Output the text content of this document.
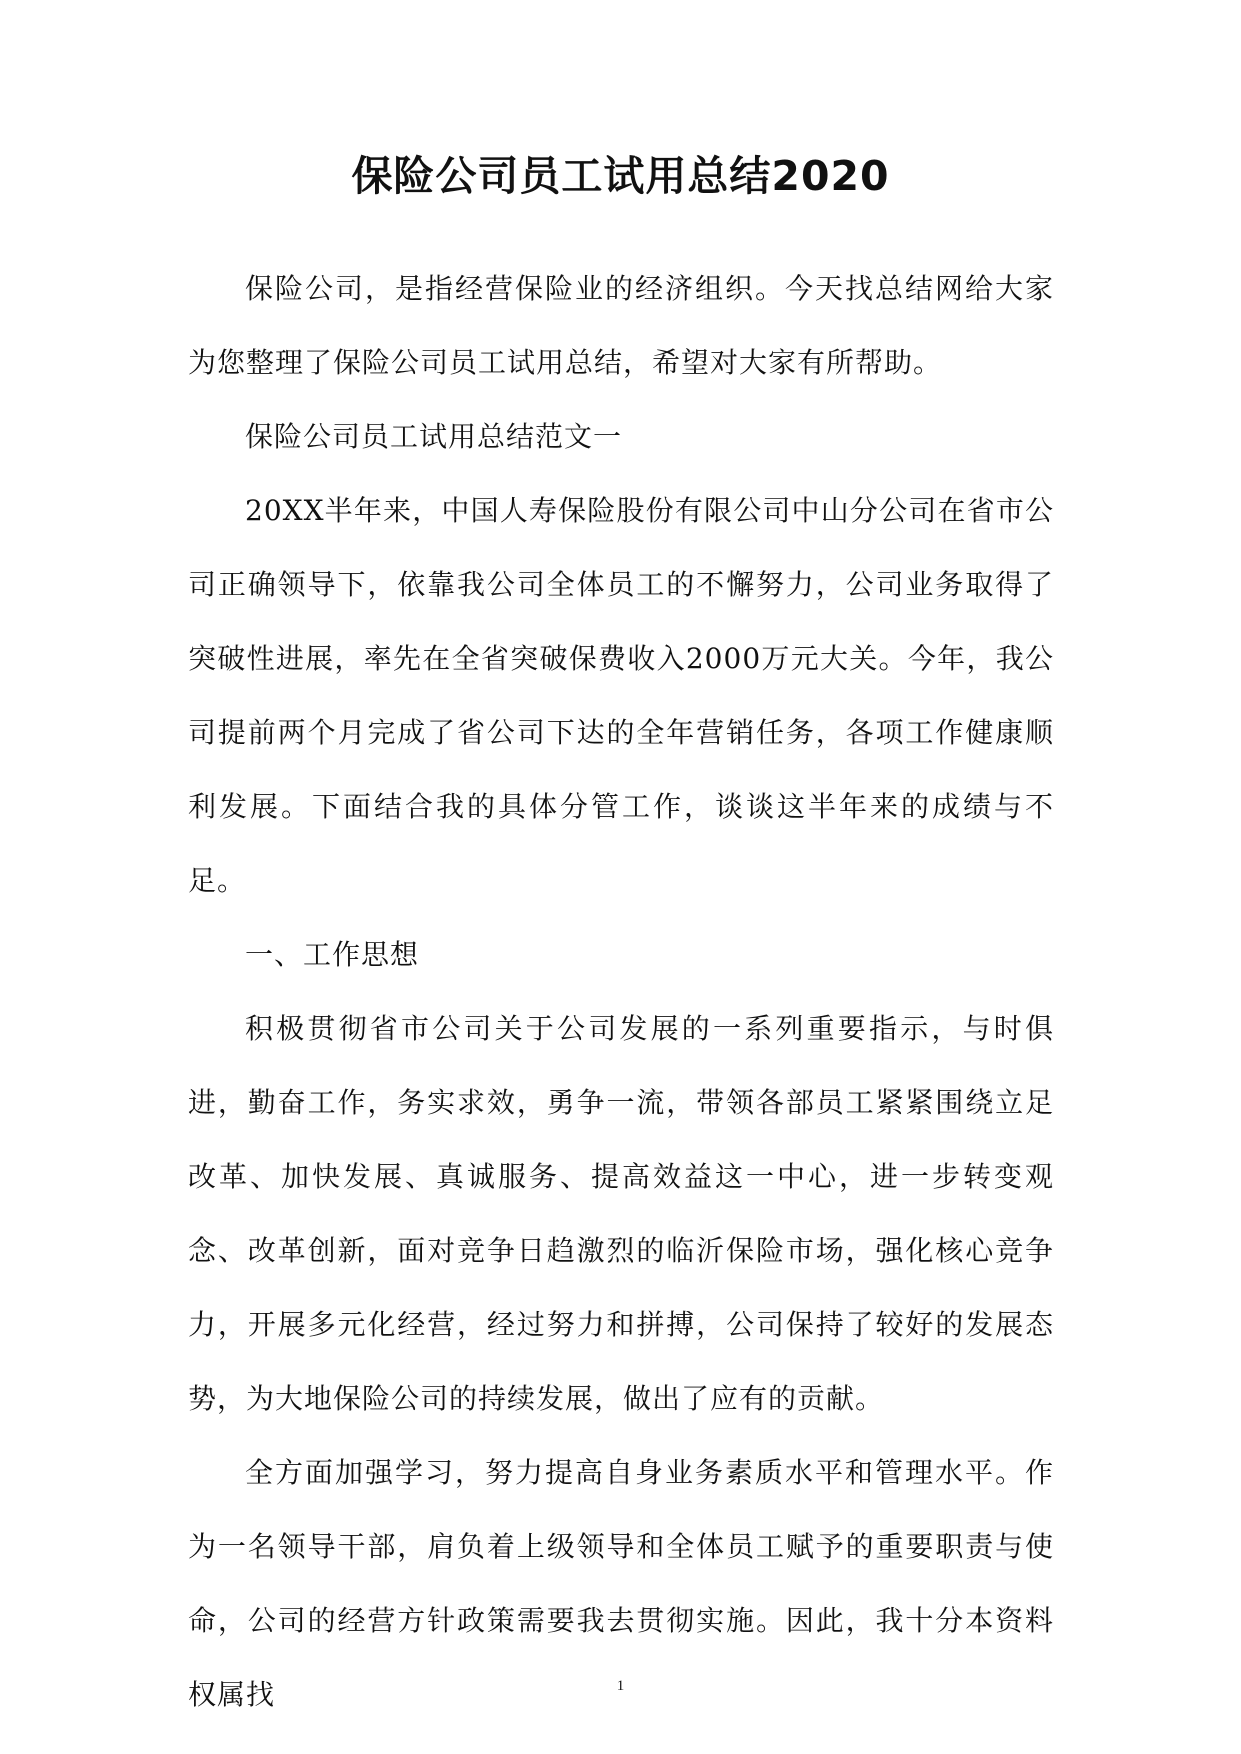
保险公司员工试用总结2020

保险公司，是指经营保险业的经济组织。今天找总结网给大家为您整理了保险公司员工试用总结，希望对大家有所帮助。

保险公司员工试用总结范文一

20XX半年来，中国人寿保险股份有限公司中山分公司在省市公司正确领导下，依靠我公司全体员工的不懈努力，公司业务取得了突破性进展，率先在全省突破保费收入2000万元大关。今年，我公司提前两个月完成了省公司下达的全年营销任务，各项工作健康顺利发展。下面结合我的具体分管工作，谈谈这半年来的成绩与不足。

一、工作思想

积极贯彻省市公司关于公司发展的一系列重要指示，与时俱进，勤奋工作，务实求效，勇争一流，带领各部员工紧紧围绕立足改革、加快发展、真诚服务、提高效益这一中心，进一步转变观念、改革创新，面对竞争日趋激烈的临沂保险市场，强化核心竞争力，开展多元化经营，经过努力和拼搏，公司保持了较好的发展态势，为大地保险公司的持续发展，做出了应有的贡献。

全方面加强学习，努力提高自身业务素质水平和管理水平。作为一名领导干部，肩负着上级领导和全体员工赋予的重要职责与使命，公司的经营方针政策需要我去贯彻实施。因此，我十分本资料权属找	1
